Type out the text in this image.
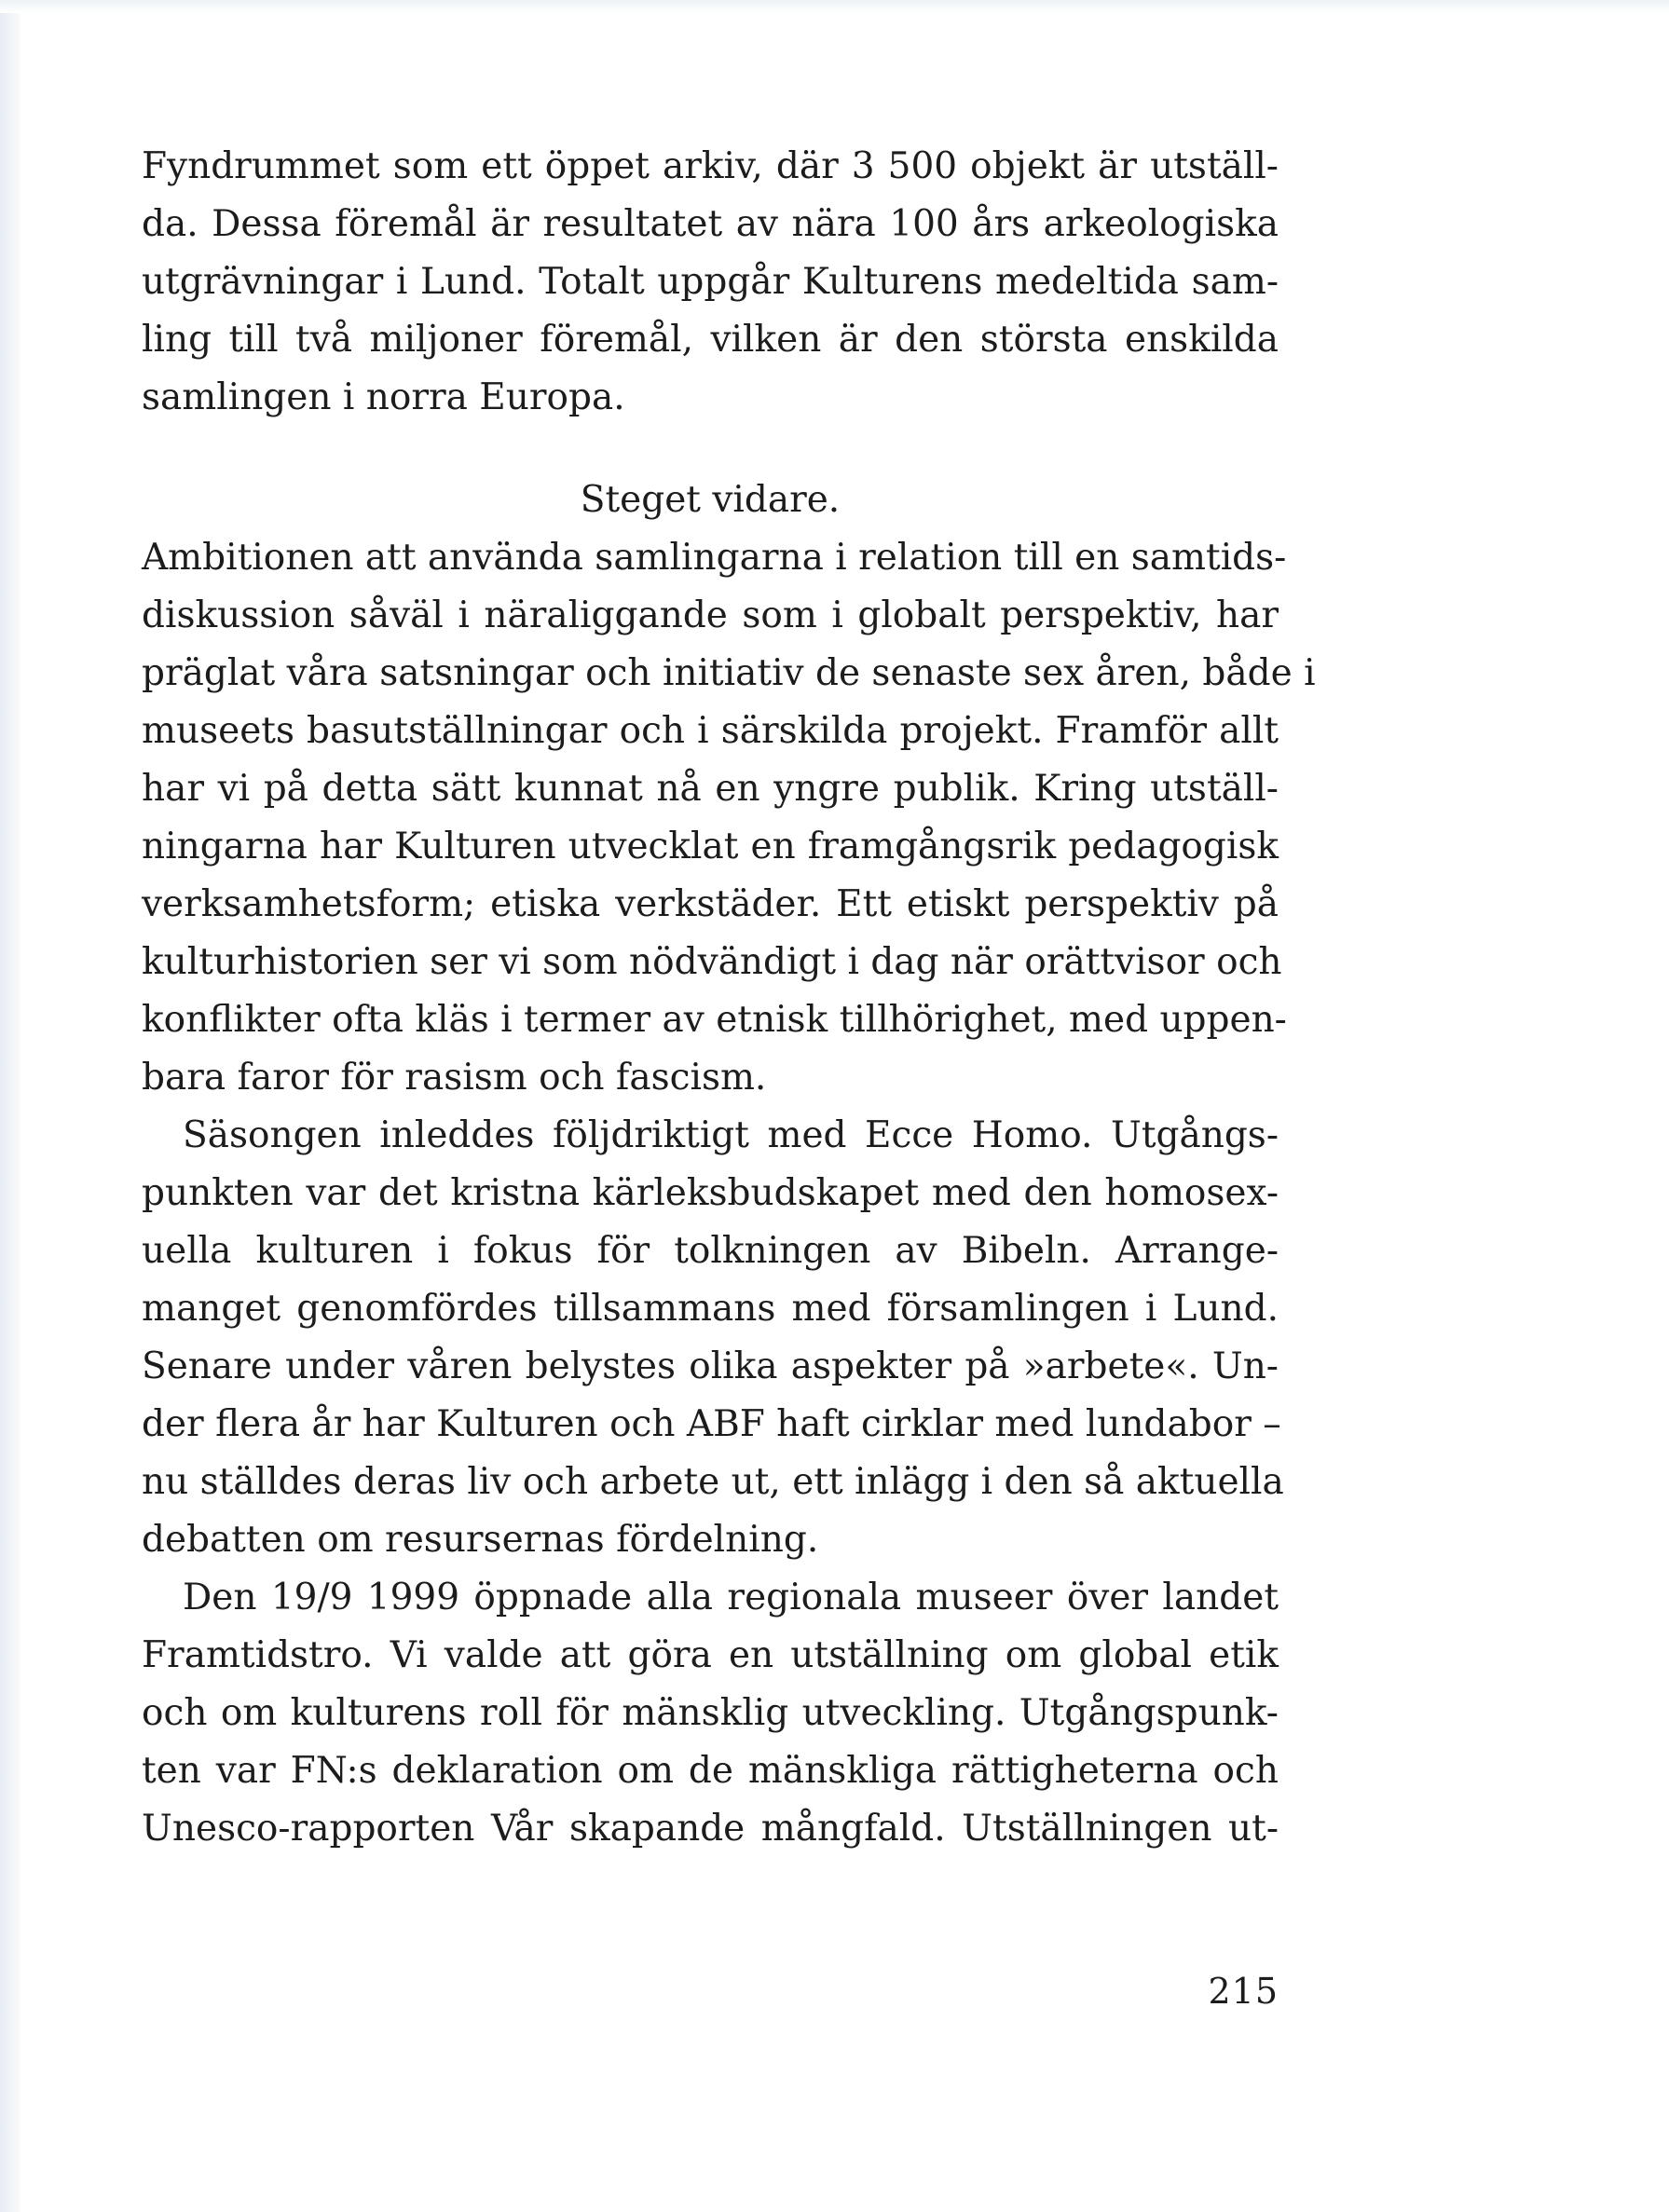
Fyndrummet som ett öppet arkiv, där 3 500 objekt är utställ-
da. Dessa föremål är resultatet av nära 100 års arkeologiska
utgrävningar i Lund. Totalt uppgår Kulturens medeltida sam-
ling till två miljoner föremål, vilken är den största enskilda
samlingen i norra Europa.
Steget vidare.
Ambitionen att använda samlingarna i relation till en samtids-
diskussion såväl i näraliggande som i globalt perspektiv, har
präglat våra satsningar och initiativ de senaste sex åren, både i
museets basutställningar och i särskilda projekt. Framför allt
har vi på detta sätt kunnat nå en yngre publik. Kring utställ-
ningarna har Kulturen utvecklat en framgångsrik pedagogisk
verksamhetsform; etiska verkstäder. Ett etiskt perspektiv på
kulturhistorien ser vi som nödvändigt i dag när orättvisor och
konflikter ofta kläs i termer av etnisk tillhörighet, med uppen-
bara faror för rasism och fascism.
Säsongen inleddes följdriktigt med Ecce Homo. Utgångs-
punkten var det kristna kärleksbudskapet med den homosex-
uella kulturen i fokus för tolkningen av Bibeln. Arrange-
manget genomfördes tillsammans med församlingen i Lund.
Senare under våren belystes olika aspekter på »arbete«. Un-
der flera år har Kulturen och ABF haft cirklar med lundabor –
nu ställdes deras liv och arbete ut, ett inlägg i den så aktuella
debatten om resursernas fördelning.
Den 19/9 1999 öppnade alla regionala museer över landet
Framtidstro. Vi valde att göra en utställning om global etik
och om kulturens roll för mänsklig utveckling. Utgångspunk-
ten var FN:s deklaration om de mänskliga rättigheterna och
Unesco-rapporten Vår skapande mångfald. Utställningen ut-
215
